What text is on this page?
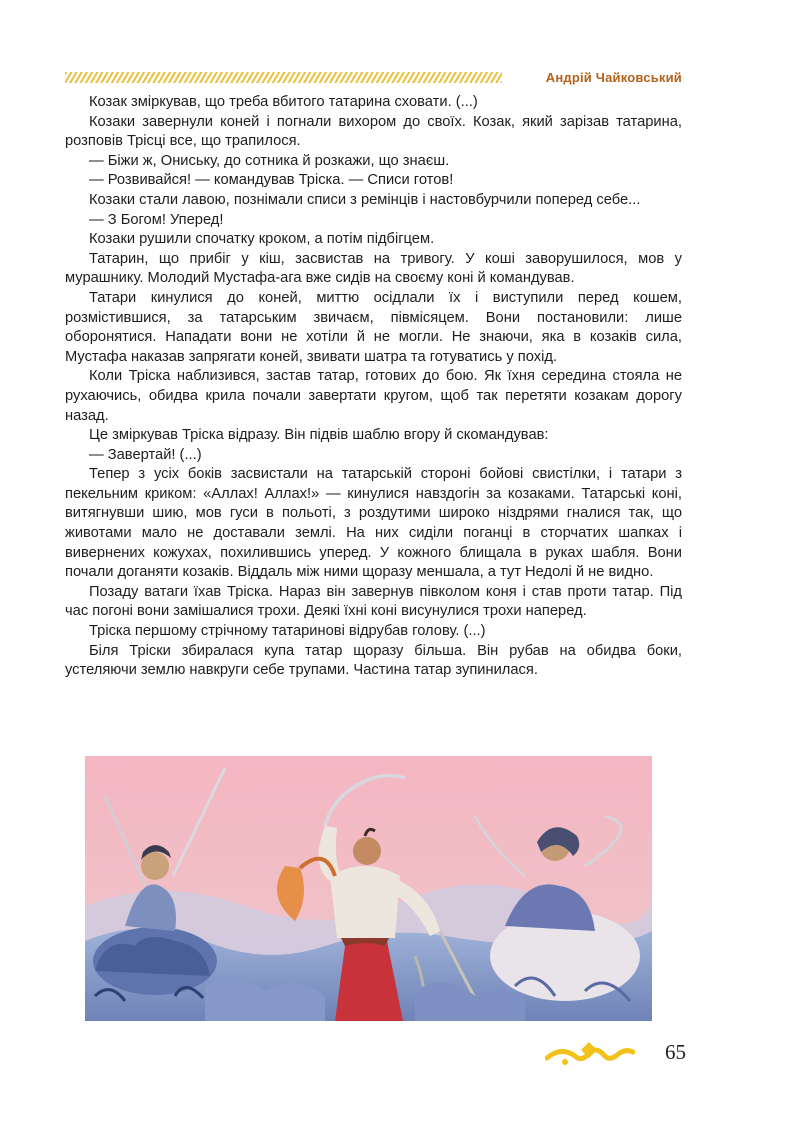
Андрій Чайковський

Козак зміркував, що треба вбитого татарина сховати. (...)

Козаки завернули коней і погнали вихором до своїх. Козак, який зарізав татарина, розповів Трісці все, що трапилося.

— Біжи ж, Ониську, до сотника й розкажи, що знаєш.

— Розвивайся! — командував Тріска. — Списи готов!

Козаки стали лавою, познімали списи з ремінців і настовбурчили поперед себе...

— З Богом! Уперед!

Козаки рушили спочатку кроком, а потім підбігцем.

Татарин, що прибіг у кіш, засвистав на тривогу. У коші заворушилося, мов у мурашнику. Молодий Мустафа-ага вже сидів на своєму коні й командував.

Татари кинулися до коней, миттю осідлали їх і виступили перед кошем, розмістившися, за татарським звичаєм, півмісяцем. Вони постановили: лише оборонятися. Нападати вони не хотіли й не могли. Не знаючи, яка в козаків сила, Мустафа наказав запрягати коней, звивати шатра та готуватись у похід.

Коли Тріска наблизився, застав татар, готових до бою. Як їхня середина стояла не рухаючись, обидва крила почали завертати кругом, щоб так перетяти козакам дорогу назад.

Це зміркував Тріска відразу. Він підвів шаблю вгору й скомандував:

— Завертай! (...)

Тепер з усіх боків засвистали на татарській стороні бойові свистілки, і татари з пекельним криком: «Аллах! Аллах!» — кинулися навздогін за козаками. Татарські коні, витягнувши шию, мов гуси в польоті, з роздутими широко ніздрями гналися так, що животами мало не доставали землі. На них сиділи поганці в сторчатих шапках і вивернених кожухах, похилившись уперед. У кожного блищала в руках шабля. Вони почали доганяти козаків. Віддаль між ними щоразу меншала, а тут Недолі й не видно.

Позаду ватаги їхав Тріска. Нараз він завернув півколом коня і став проти татар. Під час погоні вони замішалися трохи. Деякі їхні коні висунулися трохи наперед.

Тріска першому стрічному татаринові відрубав голову. (...)

Біля Тріски збиралася купа татар щоразу більша. Він рубав на обидва боки, устеляючи землю навкруги себе трупами. Частина татар зупинилася.

65
